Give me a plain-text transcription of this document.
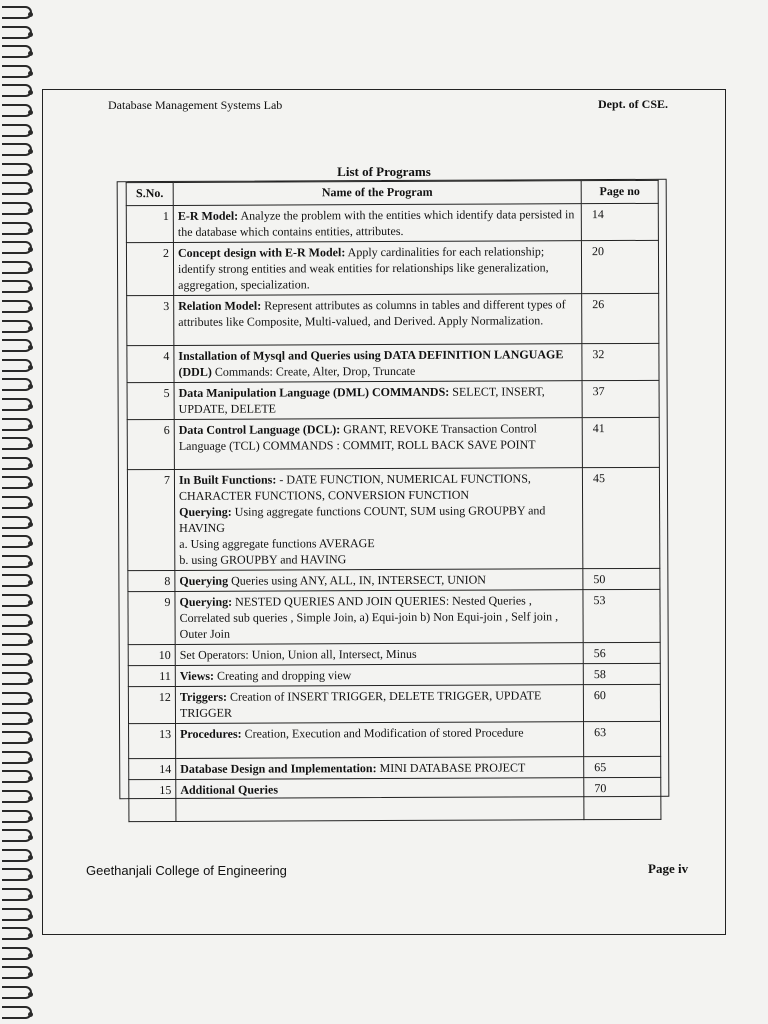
Database Management Systems Lab	Dept. of CSE.
List of Programs
S.No.	Name of the Program	Page no
1	E-R Model: Analyze the problem with the entities which identify data persisted in the database which contains entities, attributes.	14
2	Concept design with E-R Model: Apply cardinalities for each relationship; identify strong entities and weak entities for relationships like generalization, aggregation, specialization.	20
3	Relation Model: Represent attributes as columns in tables and different types of attributes like Composite, Multi-valued, and Derived. Apply Normalization.	26
4	Installation of Mysql and Queries using DATA DEFINITION LANGUAGE (DDL) Commands: Create, Alter, Drop, Truncate	32
5	Data Manipulation Language (DML) COMMANDS: SELECT, INSERT, UPDATE, DELETE	37
6	Data Control Language (DCL): GRANT, REVOKE Transaction Control Language (TCL) COMMANDS : COMMIT, ROLL BACK SAVE POINT	41
7	In Built Functions: - DATE FUNCTION, NUMERICAL FUNCTIONS, CHARACTER FUNCTIONS, CONVERSION FUNCTION
Querying: Using aggregate functions COUNT, SUM using GROUPBY and HAVING
a. Using aggregate functions AVERAGE
b. using GROUPBY and HAVING	45
8	Querying Queries using ANY, ALL, IN, INTERSECT, UNION	50
9	Querying: NESTED QUERIES AND JOIN QUERIES: Nested Queries , Correlated sub queries , Simple Join, a) Equi-join b) Non Equi-join , Self join , Outer Join	53
10	Set Operators: Union, Union all, Intersect, Minus	56
11	Views: Creating and dropping view	58
12	Triggers: Creation of INSERT TRIGGER, DELETE TRIGGER, UPDATE TRIGGER	60
13	Procedures: Creation, Execution and Modification of stored Procedure	63
14	Database Design and Implementation: MINI DATABASE PROJECT	65
15	Additional Queries	70
Geethanjali College of Engineering	Page iv
